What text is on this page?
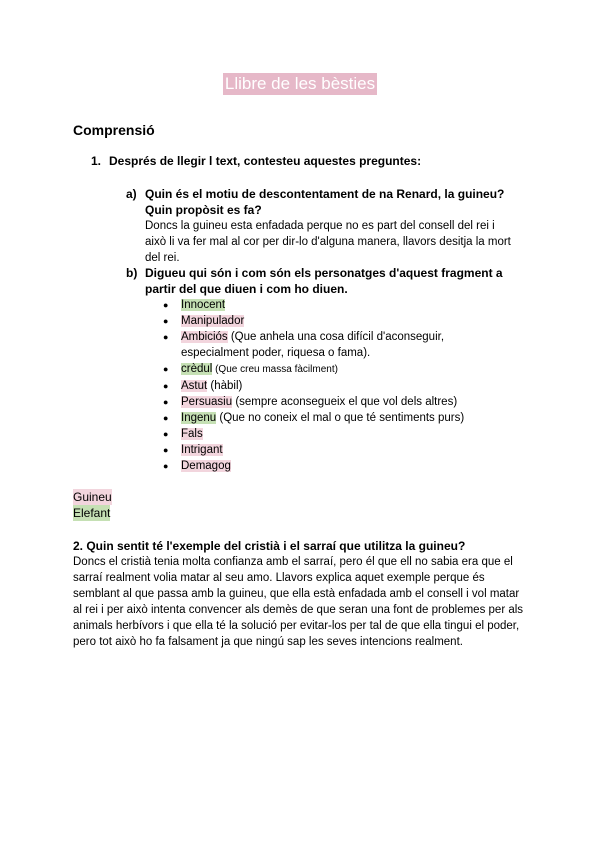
Llibre de les bèsties
Comprensió
1. Després de llegir l text, contesteu aquestes preguntes:
a) Quin és el motiu de descontentament de na Renard, la guineu? Quin propòsit es fa?
Doncs la guineu esta enfadada perque no es part del consell del rei i això li va fer mal al cor per dir-lo d'alguna manera, llavors desitja la mort del rei.
b) Digueu qui són i com són els personatges d'aquest fragment a partir del que diuen i com ho diuen.
● Innocent
● Manipulador
● Ambiciós (Que anhela una cosa difícil d'aconseguir, especialment poder, riquesa o fama).
● crèdul (Que creu massa fàcilment)
● Astut (hàbil)
● Persuasiu (sempre aconsegueix el que vol dels altres)
● Ingenu (Que no coneix el mal o que té sentiments purs)
● Fals
● Intrigant
● Demagog
Guineu
Elefant
2. Quin sentit té l'exemple del cristià i el sarraí que utilitza la guineu?
Doncs el cristià tenia molta confianza amb el sarraí, pero él que ell no sabia era que el sarraí realment volia matar al seu amo. Llavors explica aquet exemple perque és semblant al que passa amb la guineu, que ella està enfadada amb el consell i vol matar al rei i per això intenta convencer als demès de que seran una font de problemes per als animals herbívors i que ella té la solució per evitar-los per tal de que ella tingui el poder, pero tot això ho fa falsament ja que ningú sap les seves intencions realment.
